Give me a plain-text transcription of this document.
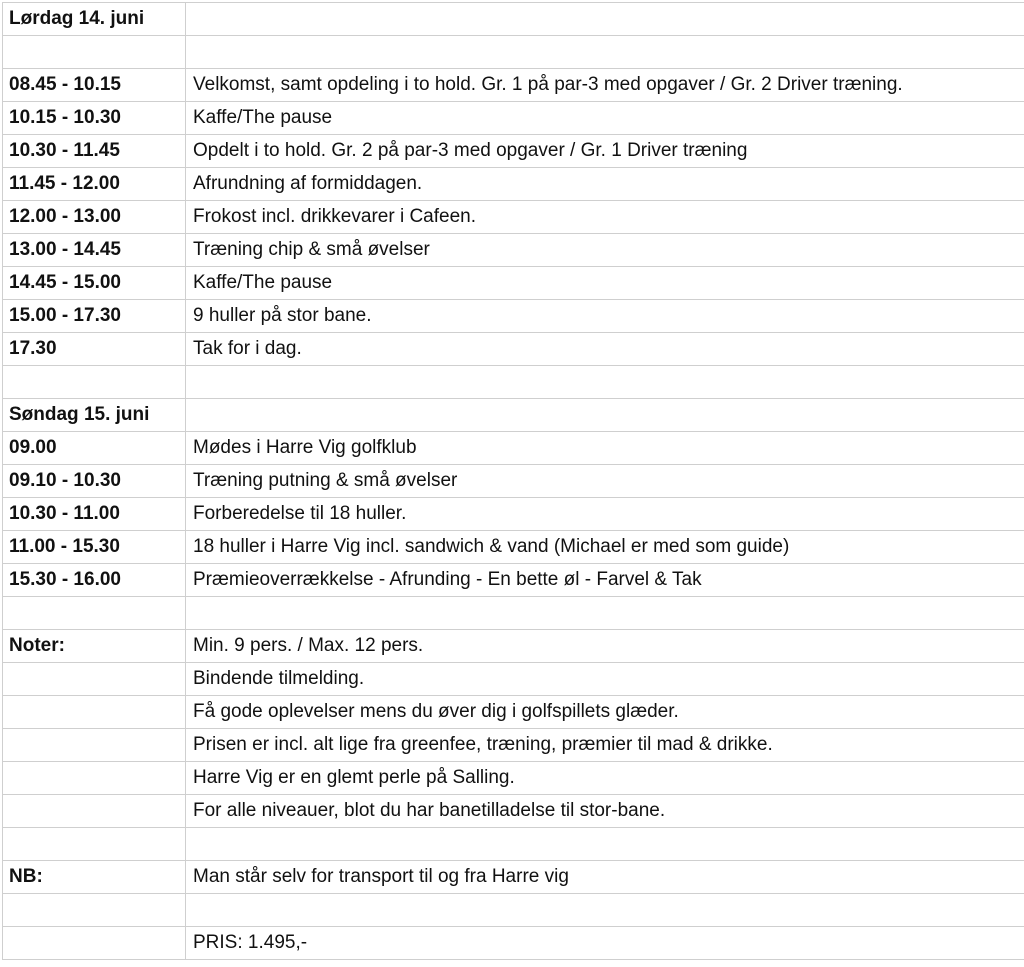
Lørdag 14. juni	

08.45 - 10.15	Velkomst, samt opdeling i to hold. Gr. 1 på par-3 med opgaver / Gr. 2 Driver træning.
10.15 - 10.30	Kaffe/The pause
10.30 - 11.45	Opdelt i to hold. Gr. 2 på par-3 med opgaver / Gr. 1 Driver træning
11.45 - 12.00	Afrundning af formiddagen.
12.00 - 13.00	Frokost incl. drikkevarer i Cafeen.
13.00 - 14.45	Træning chip & små øvelser
14.45 - 15.00	Kaffe/The pause
15.00 - 17.30	9 huller på stor bane.
17.30	Tak for i dag.

Søndag 15. juni	
09.00	Mødes i Harre Vig golfklub
09.10 - 10.30	Træning putning & små øvelser
10.30 - 11.00	Forberedelse til 18 huller.
11.00 - 15.30	18 huller i Harre Vig incl. sandwich & vand (Michael er med som guide)
15.30 - 16.00	Præmieoverrækkelse - Afrunding - En bette øl - Farvel & Tak

Noter:	Min. 9 pers. / Max. 12 pers.
	Bindende tilmelding.
	Få gode oplevelser mens du øver dig i golfspillets glæder.
	Prisen er incl. alt lige fra greenfee, træning, præmier til mad & drikke.
	Harre Vig er en glemt perle på Salling.
	For alle niveauer, blot du har banetilladelse til stor-bane.

NB:	Man står selv for transport til og fra Harre vig

	PRIS: 1.495,-
